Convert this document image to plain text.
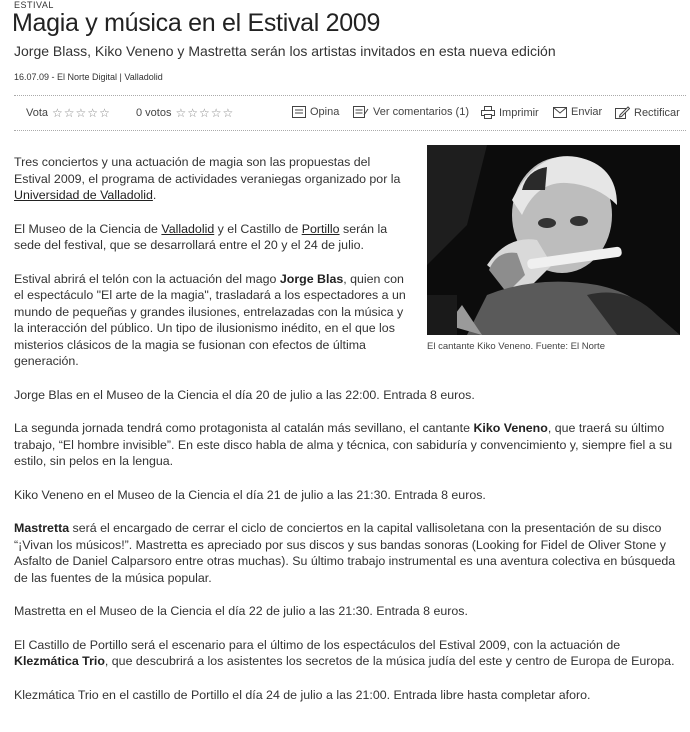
ESTIVAL
Magia y música en el Estival 2009
Jorge Blass, Kiko Veneno y Mastretta serán los artistas invitados en esta nueva edición
16.07.09 - El Norte Digital | Valladolid
Vota ☆☆☆☆☆ 0 votos ☆☆☆☆☆	Opina	Ver comentarios (1)	Imprimir	Enviar	Rectificar
El cantante Kiko Veneno. Fuente: El Norte

Tres conciertos y una actuación de magia son las propuestas del Estival 2009, el programa de actividades veraniegas organizado por la Universidad de Valladolid.

El Museo de la Ciencia de Valladolid y el Castillo de Portillo serán la sede del festival, que se desarrollará entre el 20 y el 24 de julio.

Estival abrirá el telón con la actuación del mago Jorge Blas, quien con el espectáculo "El arte de la magia", trasladará a los espectadores a un mundo de pequeñas y grandes ilusiones, entrelazadas con la música y la interacción del público. Un tipo de ilusionismo inédito, en el que los misterios clásicos de la magia se fusionan con efectos de última generación.

Jorge Blas en el Museo de la Ciencia el día 20 de julio a las 22:00. Entrada 8 euros.

La segunda jornada tendrá como protagonista al catalán más sevillano, el cantante Kiko Veneno, que traerá su último trabajo, “El hombre invisible”. En este disco habla de alma y técnica, con sabiduría y convencimiento y, siempre fiel a su estilo, sin pelos en la lengua.

Kiko Veneno en el Museo de la Ciencia el día 21 de julio a las 21:30. Entrada 8 euros.

Mastretta será el encargado de cerrar el ciclo de conciertos en la capital vallisoletana con la presentación de su disco “¡Vivan los músicos!”. Mastretta es apreciado por sus discos y sus bandas sonoras (Looking for Fidel de Oliver Stone y Asfalto de Daniel Calparsoro entre otras muchas). Su último trabajo instrumental es una aventura colectiva en búsqueda de las fuentes de la música popular.

Mastretta en el Museo de la Ciencia el día 22 de julio a las 21:30. Entrada 8 euros.

El Castillo de Portillo será el escenario para el último de los espectáculos del Estival 2009, con la actuación de Klezmática Trio, que descubrirá a los asistentes los secretos de la música judía del este y centro de Europa de Europa.

Klezmática Trio en el castillo de Portillo el día 24 de julio a las 21:00. Entrada libre hasta completar aforo.
